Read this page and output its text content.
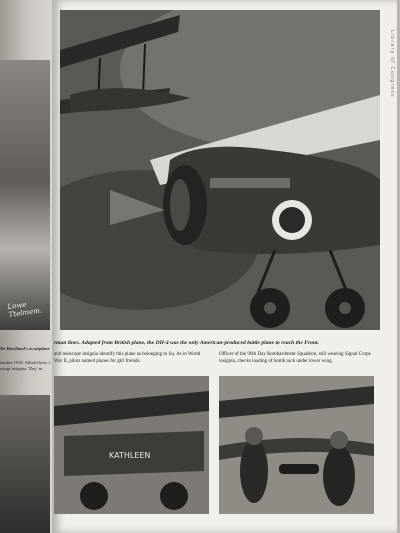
Lowe Ttelmem.
De Havilland's as airplane
tember 1918. Allied flyers 1 wings insignia. 'Day' m
Library of Congress
rman lines. Adapted from British plane, the DH-4 was the only American-produced battle plane to reach the Front.
and telescope insignia identify this plane as belonging to Sq. As in World War II, pilots named planes for girl friends.
KATHLEEN
Officer of the 96th Day Bombardment Squadron, still wearing Signal Corps insignia, checks loading of bomb rack under lower wing.
